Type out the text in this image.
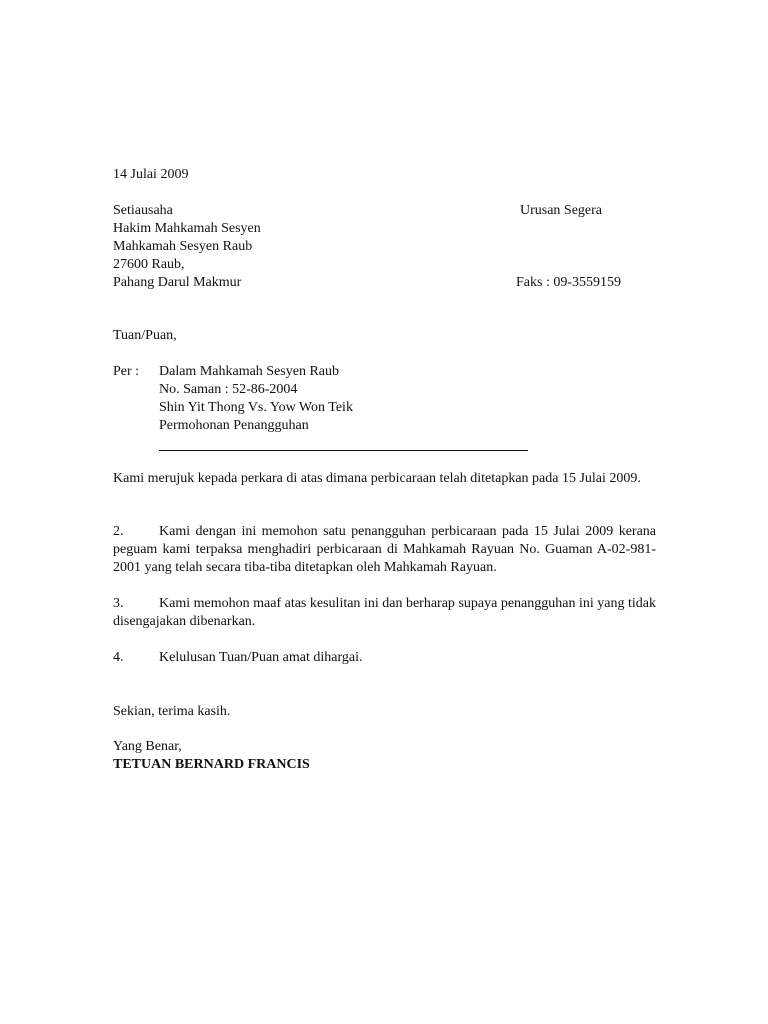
14 Julai 2009
Setiausaha	Urusan Segera
Hakim Mahkamah Sesyen
Mahkamah Sesyen Raub
27600 Raub,
Pahang Darul Makmur	Faks : 09-3559159
Tuan/Puan,
Per : Dalam Mahkamah Sesyen Raub
No. Saman : 52-86-2004
Shin Yit Thong Vs. Yow Won Teik
Permohonan Penangguhan
Kami merujuk kepada perkara di atas dimana perbicaraan telah ditetapkan pada 15 Julai 2009.
2.	Kami dengan ini memohon satu penangguhan perbicaraan pada 15 Julai 2009 kerana peguam kami terpaksa menghadiri perbicaraan di Mahkamah Rayuan No. Guaman A-02-981-2001 yang telah secara tiba-tiba ditetapkan oleh Mahkamah Rayuan.
3.	Kami memohon maaf atas kesulitan ini dan berharap supaya penangguhan ini yang tidak disengajakan dibenarkan.
4.	Kelulusan Tuan/Puan amat dihargai.
Sekian, terima kasih.
Yang Benar,
TETUAN BERNARD FRANCIS
